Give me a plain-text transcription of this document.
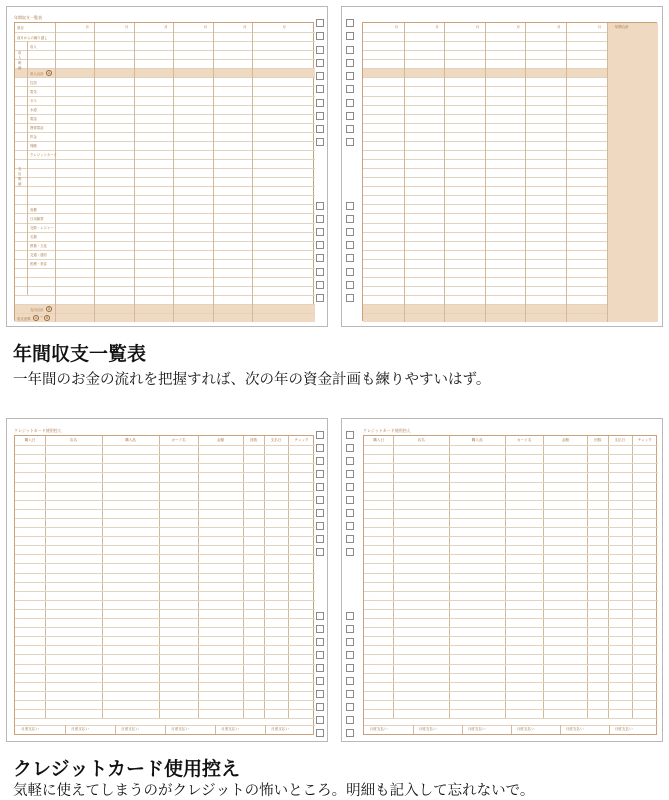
年間収支一覧表
月	月	月	月	月	月
項目
前月からの繰り越し
収入明細
収入
収入合計	A
支出明細
住居
電気
ガス
水道
電話
携帯電話
貯金
保険
クレジットカード
食費
日用雑貨
交際・レジャー
衣類
教養・文化
交通・通信
医療・美容
支出合計	B
収支決算	A − B
月	月	月	月	月	月	年間合計
年間収支一覧表
一年間のお金の流れを把握すれば、次の年の資金計画も練りやすいはず。
クレジットカード使用控え
購入日	店名	購入品	カード名	金額	回数	支払日	チェック
· ·
· ·
· ·
· ·
· ·
· ·
· ·
· ·
· ·
· ·
· ·
· ·
· ·
· ·
· ·
· ·
· ·
· ·
· ·
· ·
· ·
· ·
· ·
· ·
· ·
· ·
· ·
· ·
· ·
月度支払い	月度支払い	月度支払い	月度支払い	月度支払い	月度支払い
クレジットカード使用控え
購入日	店名	購入品	カード名	金額	回数	支払日	チェック
· ·
· ·
· ·
· ·
· ·
· ·
· ·
· ·
· ·
· ·
· ·
· ·
· ·
· ·
· ·
· ·
· ·
· ·
· ·
· ·
· ·
· ·
· ·
· ·
· ·
· ·
· ·
· ·
· ·
月度支払い	月度支払い	月度支払い	月度支払い	月度支払い	月度支払い
クレジットカード使用控え
気軽に使えてしまうのがクレジットの怖いところ。明細も記入して忘れないで。
